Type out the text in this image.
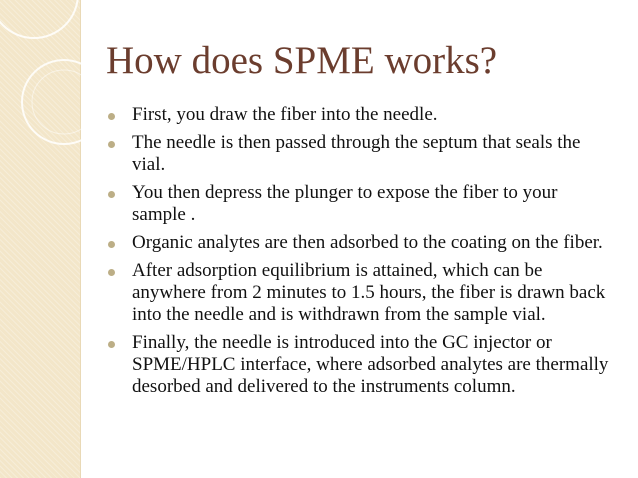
How does SPME works?
First, you draw the fiber into the needle.
The needle is then passed through the septum that seals the vial.
You then depress the plunger to expose the fiber to your sample .
Organic analytes are then adsorbed to the coating on the fiber.
After adsorption equilibrium is attained, which can be anywhere from 2 minutes to 1.5 hours, the fiber is drawn back into the needle and is withdrawn from the sample vial.
Finally, the needle is introduced into the GC injector or SPME/HPLC interface, where adsorbed analytes are thermally desorbed and delivered to the instruments column.
